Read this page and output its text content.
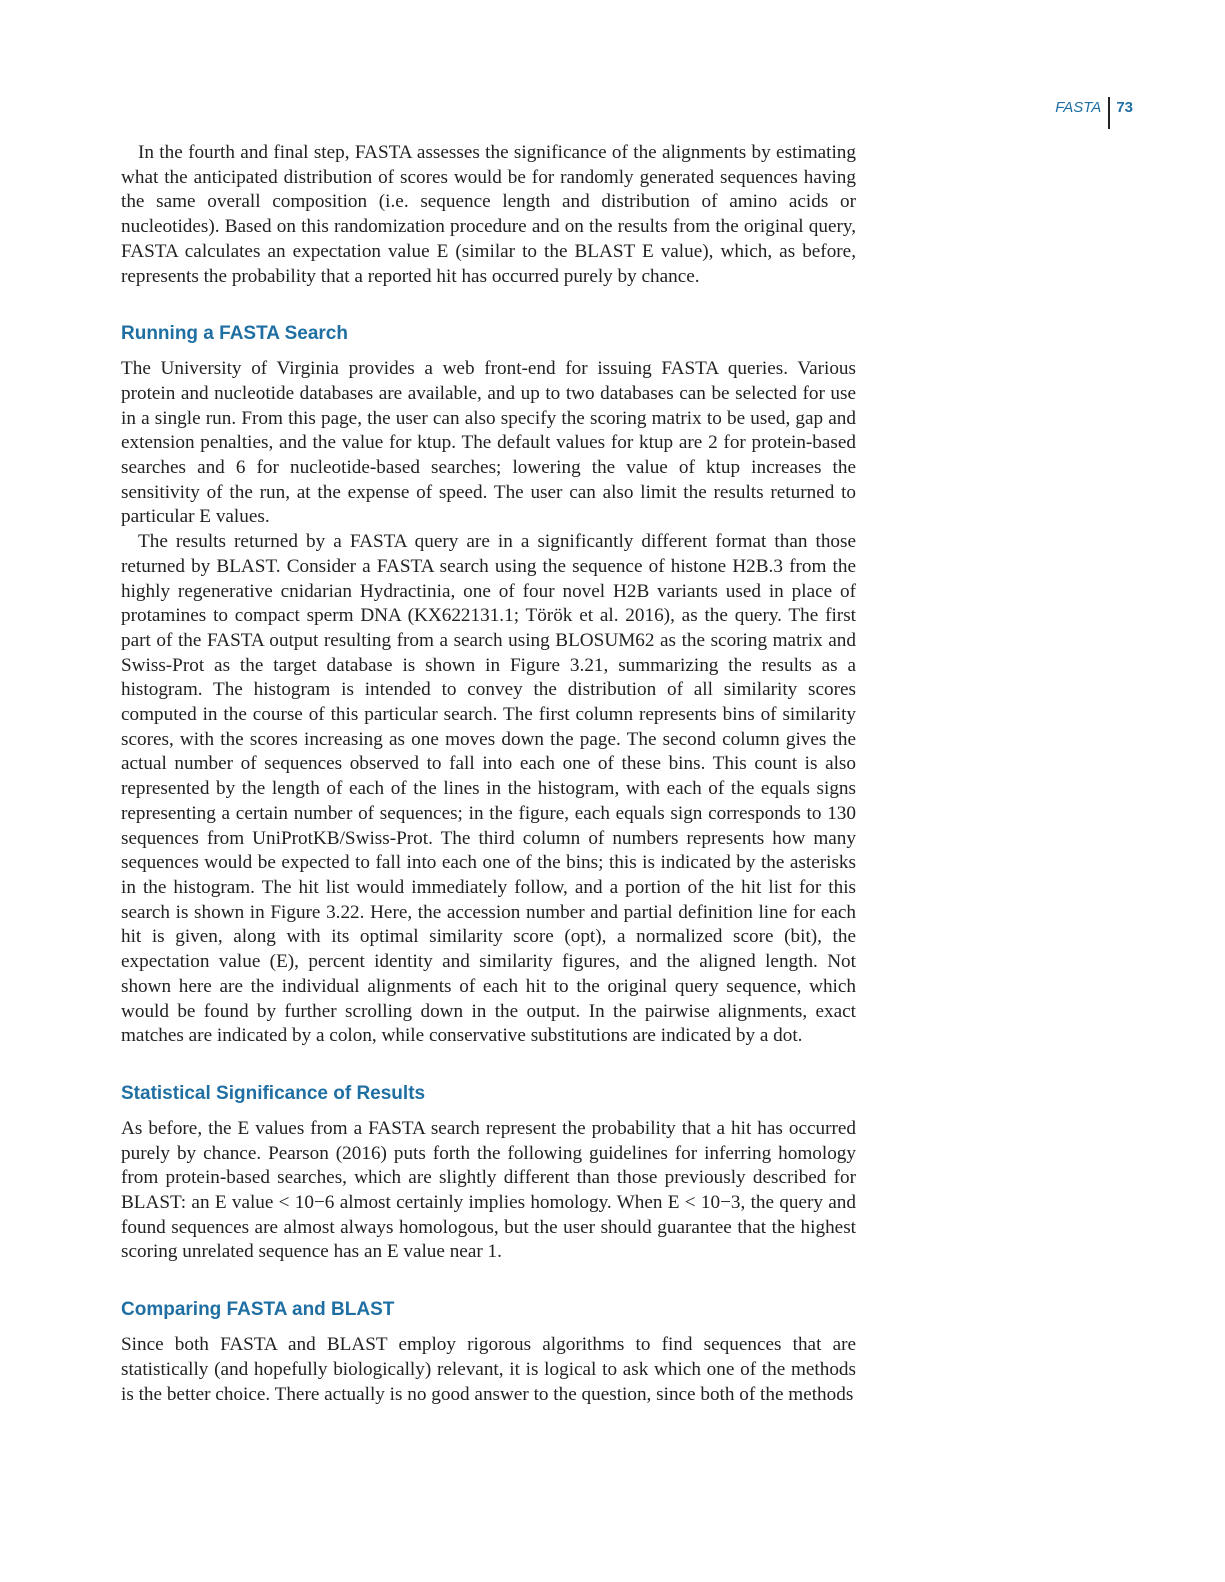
FASTA	73

In the fourth and final step, FASTA assesses the significance of the alignments by estimating what the anticipated distribution of scores would be for randomly generated sequences having the same overall composition (i.e. sequence length and distribution of amino acids or nucleotides). Based on this randomization procedure and on the results from the original query, FASTA calculates an expectation value E (similar to the BLAST E value), which, as before, represents the probability that a reported hit has occurred purely by chance.

Running a FASTA Search

The University of Virginia provides a web front-end for issuing FASTA queries. Various protein and nucleotide databases are available, and up to two databases can be selected for use in a single run. From this page, the user can also specify the scoring matrix to be used, gap and extension penalties, and the value for ktup. The default values for ktup are 2 for protein-based searches and 6 for nucleotide-based searches; lowering the value of ktup increases the sensitivity of the run, at the expense of speed. The user can also limit the results returned to particular E values.

The results returned by a FASTA query are in a significantly different format than those returned by BLAST. Consider a FASTA search using the sequence of histone H2B.3 from the highly regenerative cnidarian Hydractinia, one of four novel H2B variants used in place of protamines to compact sperm DNA (KX622131.1; Török et al. 2016), as the query. The first part of the FASTA output resulting from a search using BLOSUM62 as the scoring matrix and Swiss-Prot as the target database is shown in Figure 3.21, summarizing the results as a histogram. The histogram is intended to convey the distribution of all similarity scores computed in the course of this particular search. The first column represents bins of similarity scores, with the scores increasing as one moves down the page. The second column gives the actual number of sequences observed to fall into each one of these bins. This count is also represented by the length of each of the lines in the histogram, with each of the equals signs representing a certain number of sequences; in the figure, each equals sign corresponds to 130 sequences from UniProtKB/Swiss-Prot. The third column of numbers represents how many sequences would be expected to fall into each one of the bins; this is indicated by the asterisks in the histogram. The hit list would immediately follow, and a portion of the hit list for this search is shown in Figure 3.22. Here, the accession number and partial definition line for each hit is given, along with its optimal similarity score (opt), a normalized score (bit), the expectation value (E), percent identity and similarity figures, and the aligned length. Not shown here are the individual alignments of each hit to the original query sequence, which would be found by further scrolling down in the output. In the pairwise alignments, exact matches are indicated by a colon, while conservative substitutions are indicated by a dot.

Statistical Significance of Results

As before, the E values from a FASTA search represent the probability that a hit has occurred purely by chance. Pearson (2016) puts forth the following guidelines for inferring homology from protein-based searches, which are slightly different than those previously described for BLAST: an E value < 10−6 almost certainly implies homology. When E < 10−3, the query and found sequences are almost always homologous, but the user should guarantee that the highest scoring unrelated sequence has an E value near 1.

Comparing FASTA and BLAST

Since both FASTA and BLAST employ rigorous algorithms to find sequences that are statistically (and hopefully biologically) relevant, it is logical to ask which one of the methods is the better choice. There actually is no good answer to the question, since both of the methods
